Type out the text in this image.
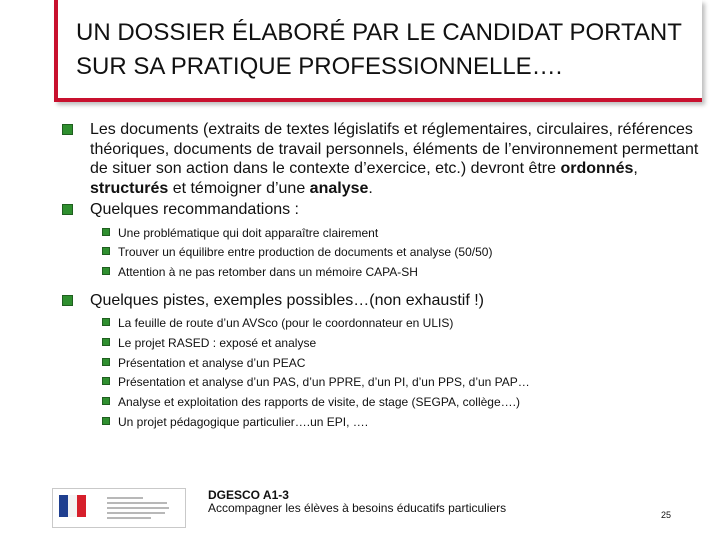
UN DOSSIER ÉLABORÉ PAR LE CANDIDAT PORTANT SUR SA PRATIQUE PROFESSIONNELLE….

Les documents (extraits de textes législatifs et réglementaires, circulaires, références théoriques, documents de travail personnels, éléments de l’environnement permettant de situer son action dans le contexte d’exercice, etc.) devront être ordonnés, structurés et témoigner d’une analyse.

Quelques recommandations :

Une problématique qui doit apparaître clairement

Trouver un équilibre entre production de documents et analyse (50/50)

Attention à ne pas retomber dans un mémoire CAPA-SH

Quelques pistes, exemples possibles…(non exhaustif !)

La feuille de route d’un AVSco (pour le coordonnateur en ULIS)

Le projet RASED : exposé et analyse

Présentation et analyse d’un PEAC

Présentation et analyse d’un PAS, d’un PPRE, d’un PI, d’un PPS, d’un PAP…

Analyse et exploitation des rapports de visite, de stage (SEGPA, collège….)

Un projet pédagogique particulier….un EPI, ….

DGESCO A1-3
Accompagner les élèves à besoins éducatifs particuliers	25
